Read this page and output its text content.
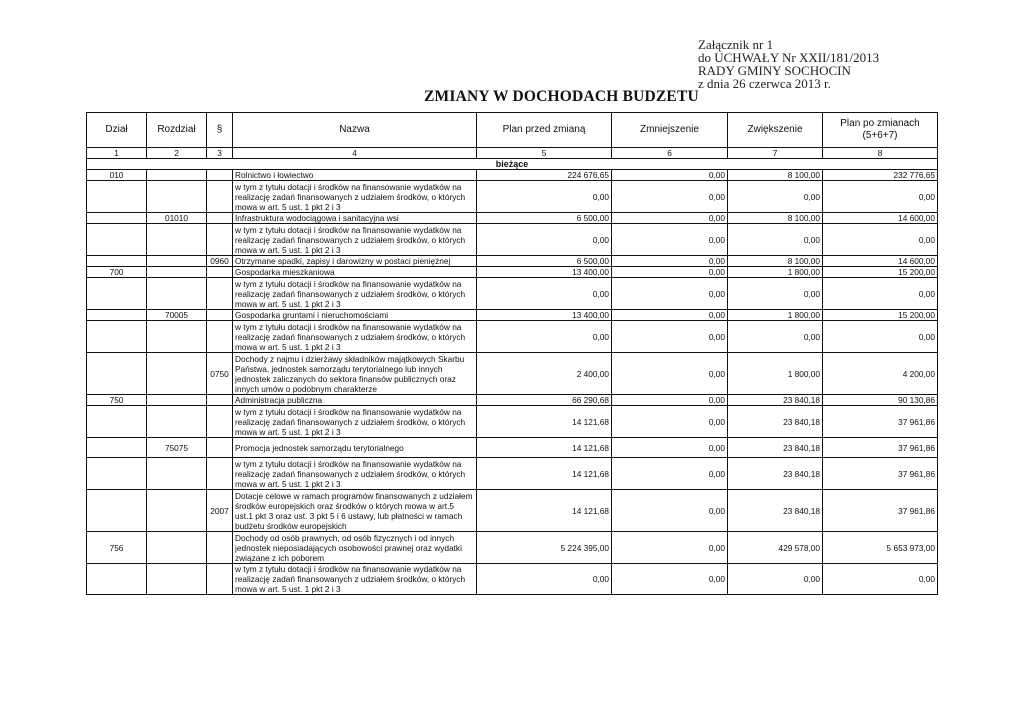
Załącznik nr 1
do UCHWAŁY Nr XXII/181/2013
RADY GMINY SOCHOCIN
z dnia 26 czerwca 2013 r.
ZMIANY W DOCHODACH BUDZETU
Dział	Rozdział	§	Nazwa	Plan przed zmianą	Zmniejszenie	Zwiększenie	Plan po zmianach (5+6+7)
1	2	3	4	5	6	7	8
bieżące							
010			Rolnictwo i łowiectwo	224 676,65	0,00	8 100,00	232 776,65
			w tym z tytułu dotacji i środków na finansowanie wydatków na realizację zadań finansowanych z udziałem środków, o których mowa w art. 5 ust. 1 pkt 2 i 3	0,00	0,00	0,00	0,00
	01010		Infrastruktura wodociągowa i sanitacyjna wsi	6 500,00	0,00	8 100,00	14 600,00
			w tym z tytułu dotacji i środków na finansowanie wydatków na realizację zadań finansowanych z udziałem środków, o których mowa w art. 5 ust. 1 pkt 2 i 3	0,00	0,00	0,00	0,00
		0960	Otrzymane spadki, zapisy i darowizny w postaci pieniężnej	6 500,00	0,00	8 100,00	14 600,00
700			Gospodarka mieszkaniowa	13 400,00	0,00	1 800,00	15 200,00
			w tym z tytułu dotacji i środków na finansowanie wydatków na realizację zadań finansowanych z udziałem środków, o których mowa w art. 5 ust. 1 pkt 2 i 3	0,00	0,00	0,00	0,00
	70005		Gospodarka gruntami i nieruchomościami	13 400,00	0,00	1 800,00	15 200,00
			w tym z tytułu dotacji i środków na finansowanie wydatków na realizację zadań finansowanych z udziałem środków, o których mowa w art. 5 ust. 1 pkt 2 i 3	0,00	0,00	0,00	0,00
		0750	Dochody z najmu i dzierżawy składników majątkowych Skarbu Państwa, jednostek samorządu terytorialnego lub innych jednostek zaliczanych do sektora finansów publicznych oraz innych umów o podobnym charakterze	2 400,00	0,00	1 800,00	4 200,00
750			Administracja publiczna	66 290,68	0,00	23 840,18	90 130,86
			w tym z tytułu dotacji i środków na finansowanie wydatków na realizację zadań finansowanych z udziałem środków, o których mowa w art. 5 ust. 1 pkt 2 i 3	14 121,68	0,00	23 840,18	37 961,86
	75075		Promocja jednostek samorządu terytorialnego	14 121,68	0,00	23 840,18	37 961,86
			w tym z tytułu dotacji i środków na finansowanie wydatków na realizację zadań finansowanych z udziałem środków, o których mowa w art. 5 ust. 1 pkt 2 i 3	14 121,68	0,00	23 840,18	37 961,86
		2007	Dotacje celowe w ramach programów finansowanych z udziałem środków europejskich oraz środków o których mowa w art.5 ust.1 pkt 3 oraz ust. 3 pkt 5 i 6 ustawy, lub płatności w ramach budżetu środków europejskich	14 121,68	0,00	23 840,18	37 961,86
756			Dochody od osób prawnych, od osób fizycznych i od innych jednostek nieposiadających osobowości prawnej oraz wydatki związane z ich poborem	5 224 395,00	0,00	429 578,00	5 653 973,00
			w tym z tytułu dotacji i środków na finansowanie wydatków na realizację zadań finansowanych z udziałem środków, o których mowa w art. 5 ust. 1 pkt 2 i 3	0,00	0,00	0,00	0,00
